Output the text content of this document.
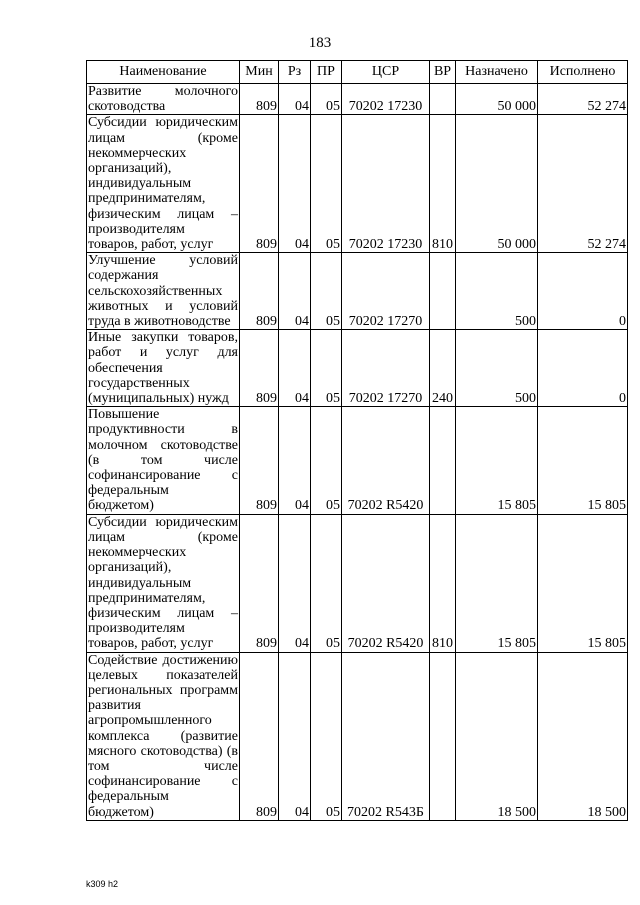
183
Наименование	Мин	Рз	ПР	ЦСР	ВР	Назначено	Исполнено
Развитие молочного скотоводства	809	04	05	70202 17230		50 000	52 274
Субсидии юридическим лицам (кроме некоммерческих организаций), индивидуальным предпринимателям, физическим лицам – производителям товаров, работ, услуг	809	04	05	70202 17230	810	50 000	52 274
Улучшение условий содержания сельскохозяйственных животных и условий труда в животноводстве	809	04	05	70202 17270		500	0
Иные закупки товаров, работ и услуг для обеспечения государственных (муниципальных) нужд	809	04	05	70202 17270	240	500	0
Повышение продуктивности в молочном скотоводстве (в том числе софинансирование с федеральным бюджетом)	809	04	05	70202 R5420		15 805	15 805
Субсидии юридическим лицам (кроме некоммерческих организаций), индивидуальным предпринимателям, физическим лицам – производителям товаров, работ, услуг	809	04	05	70202 R5420	810	15 805	15 805
Содействие достижению целевых показателей региональных программ развития агропромышленного комплекса (развитие мясного скотоводства) (в том числе софинансирование с федеральным бюджетом)	809	04	05	70202 R543Б		18 500	18 500
k309 h2
